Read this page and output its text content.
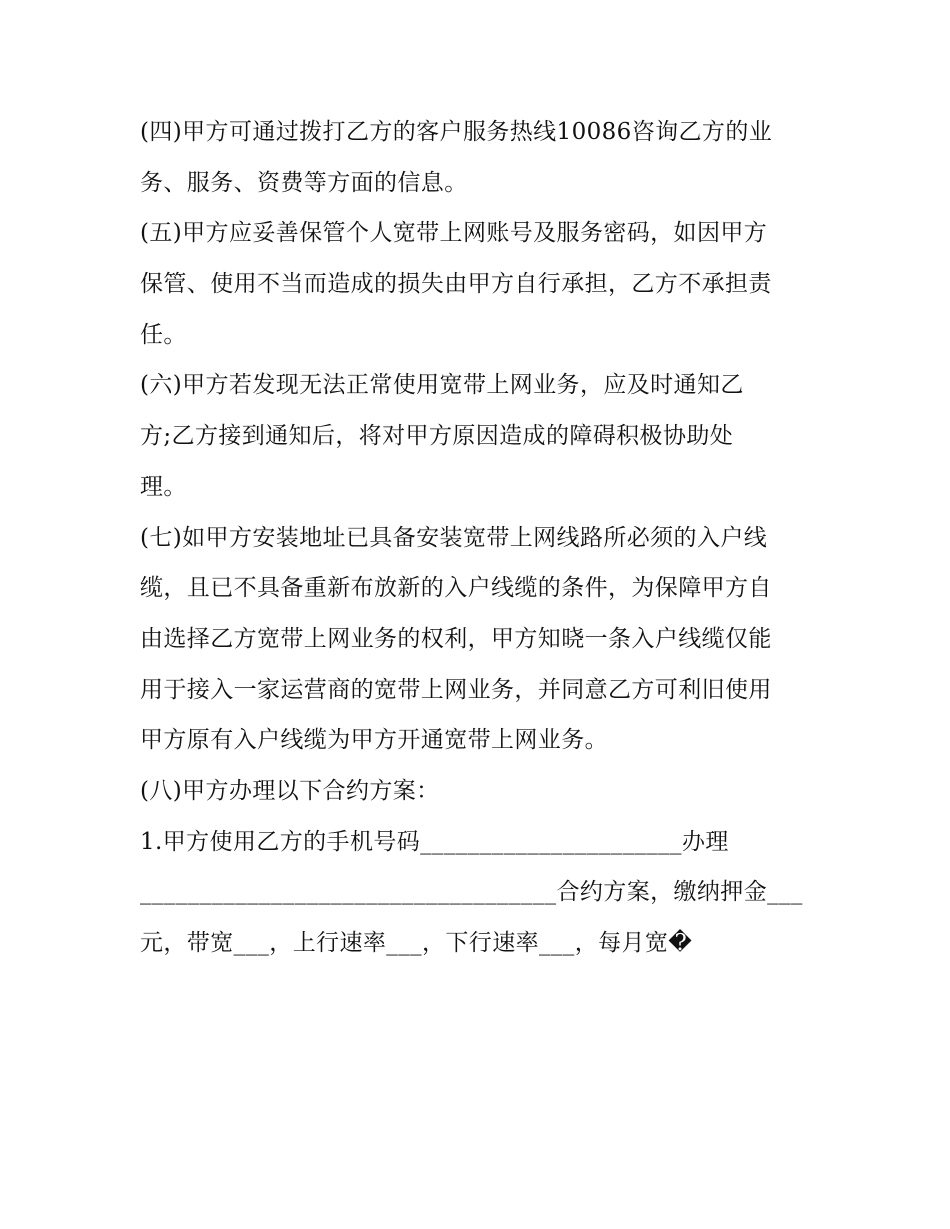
(四)甲方可通过拨打乙方的客户服务热线10086咨询乙方的业
务、服务、资费等方面的信息。
(五)甲方应妥善保管个人宽带上网账号及服务密码，如因甲方
保管、使用不当而造成的损失由甲方自行承担，乙方不承担责
任。
(六)甲方若发现无法正常使用宽带上网业务，应及时通知乙
方;乙方接到通知后，将对甲方原因造成的障碍积极协助处
理。
(七)如甲方安装地址已具备安装宽带上网线路所必须的入户线
缆，且已不具备重新布放新的入户线缆的条件，为保障甲方自
由选择乙方宽带上网业务的权利，甲方知晓一条入户线缆仅能
用于接入一家运营商的宽带上网业务，并同意乙方可利旧使用
甲方原有入户线缆为甲方开通宽带上网业务。
(八)甲方办理以下合约方案：
1.甲方使用乙方的手机号码______________________办理
___________________________________合约方案，缴纳押金___
元，带宽___，上行速率___，下行速率___，每月宽�
